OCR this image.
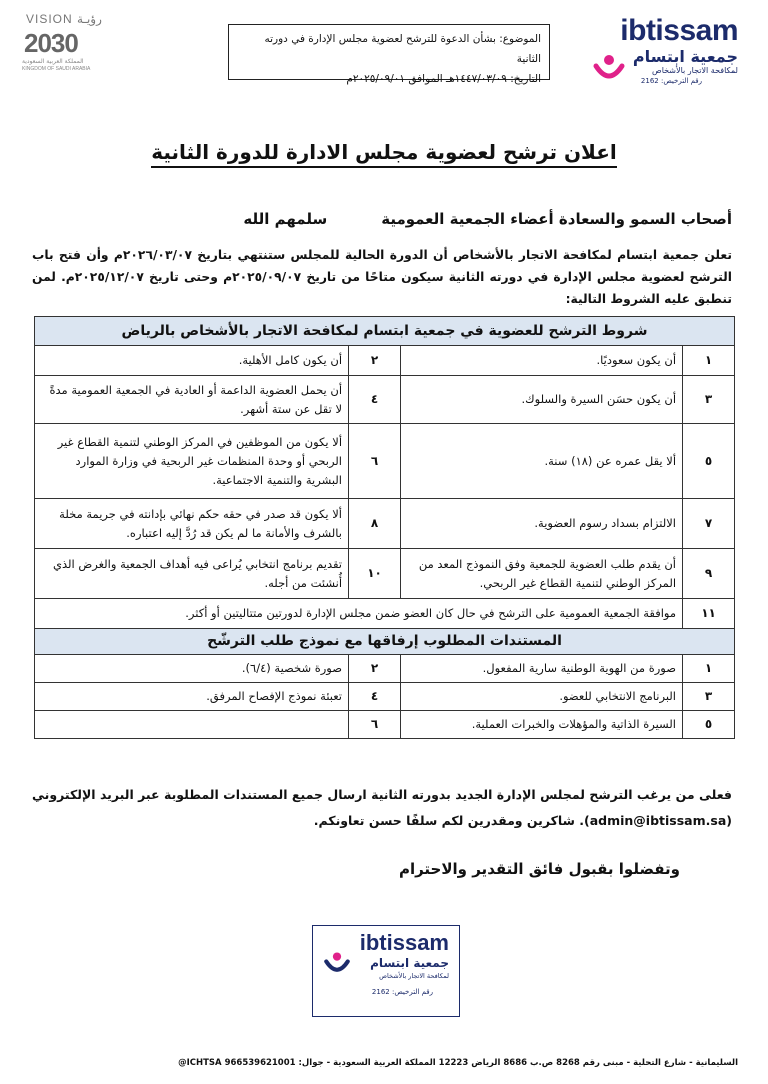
ibtissam
جمعية ابتسام
لمكافحة الاتجار بالأشخاص
رقم الترخيص: 2162
الموضوع: بشأن الدعوة للترشح لعضوية مجلس الإدارة في دورته الثانية
التاريخ: ١٤٤٧/٠٣/٠٩هـ الموافق ٢٠٢٥/٠٩/٠١م
VISION رؤيـة
2030
المملكة العربية السعودية
KINGDOM OF SAUDI ARABIA
اعلان ترشح لعضوية مجلس الادارة للدورة الثانية
أصحاب السمو والسعادة أعضاء الجمعية العموميةسلمهم الله
تعلن جمعية ابتسام لمكافحة الاتجار بالأشخاص أن الدورة الحالية للمجلس ستنتهي بتاريخ ٢٠٢٦/٠٣/٠٧م وأن فتح باب الترشح لعضوية مجلس الإدارة في دورته الثانية سيكون متاحًا من تاريخ ٢٠٢٥/٠٩/٠٧م وحتى تاريخ ٢٠٢٥/١٢/٠٧م. لمن تنطبق عليه الشروط التالية:
شروط الترشح للعضوية في جمعية ابتسام لمكافحة الاتجار بالأشخاص بالرياض			
١	أن يكون سعوديًا.	٢	أن يكون كامل الأهلية.
٣	أن يكون حسَن السيرة والسلوك.	٤	أن يحمل العضوية الداعمة أو العادية في الجمعية العمومية مدةً لا تقل عن ستة أشهر.
٥	ألا يقل عمره عن (١٨) سنة.	٦	ألا يكون من الموظفين في المركز الوطني لتنمية القطاع غير الربحي أو وحدة المنظمات غير الربحية في وزارة الموارد البشرية والتنمية الاجتماعية.
٧	الالتزام بسداد رسوم العضوية.	٨	ألا يكون قد صدر في حقه حكم نهائي بإدانته في جريمة مخلة بالشرف والأمانة ما لم يكن قد رُدَّ إليه اعتباره.
٩	أن يقدم طلب العضوية للجمعية وفق النموذج المعد من المركز الوطني لتنمية القطاع غير الربحي.	١٠	تقديم برنامج انتخابي يُراعى فيه أهداف الجمعية والغرض الذي أُنشئت من أجله.
١١	موافقة الجمعية العمومية على الترشح في حال كان العضو ضمن مجلس الإدارة لدورتين متتاليتين أو أكثر.		
المستندات المطلوب إرفاقها مع نموذج طلب الترشّح			
١	صورة من الهوية الوطنية سارية المفعول.	٢	صورة شخصية (٦/٤).
٣	البرنامج الانتخابي للعضو.	٤	تعبئة نموذج الإفصاح المرفق.
٥	السيرة الذاتية والمؤهلات والخبرات العملية.	٦	
فعلى من يرغب الترشح لمجلس الإدارة الجديد بدورته الثانية ارسال جميع المستندات المطلوبة عبر البريد الإلكتروني (admin@ibtissam.sa). شاكرين ومقدرين لكم سلفًا حسن تعاونكم.
وتفضلوا بقبول فائق التقدير والاحترام
ibtissam
جمعية ابتسام
لمكافحة الاتجار بالأشخاص
رقم الترخيص: 2162
السليمانية - شارع التحلية - مبنى رقم 8268 ص.ب 8686 الرياض 12223 المملكة العربية السعودية - جوال: 966539621001 ICHTSA@
